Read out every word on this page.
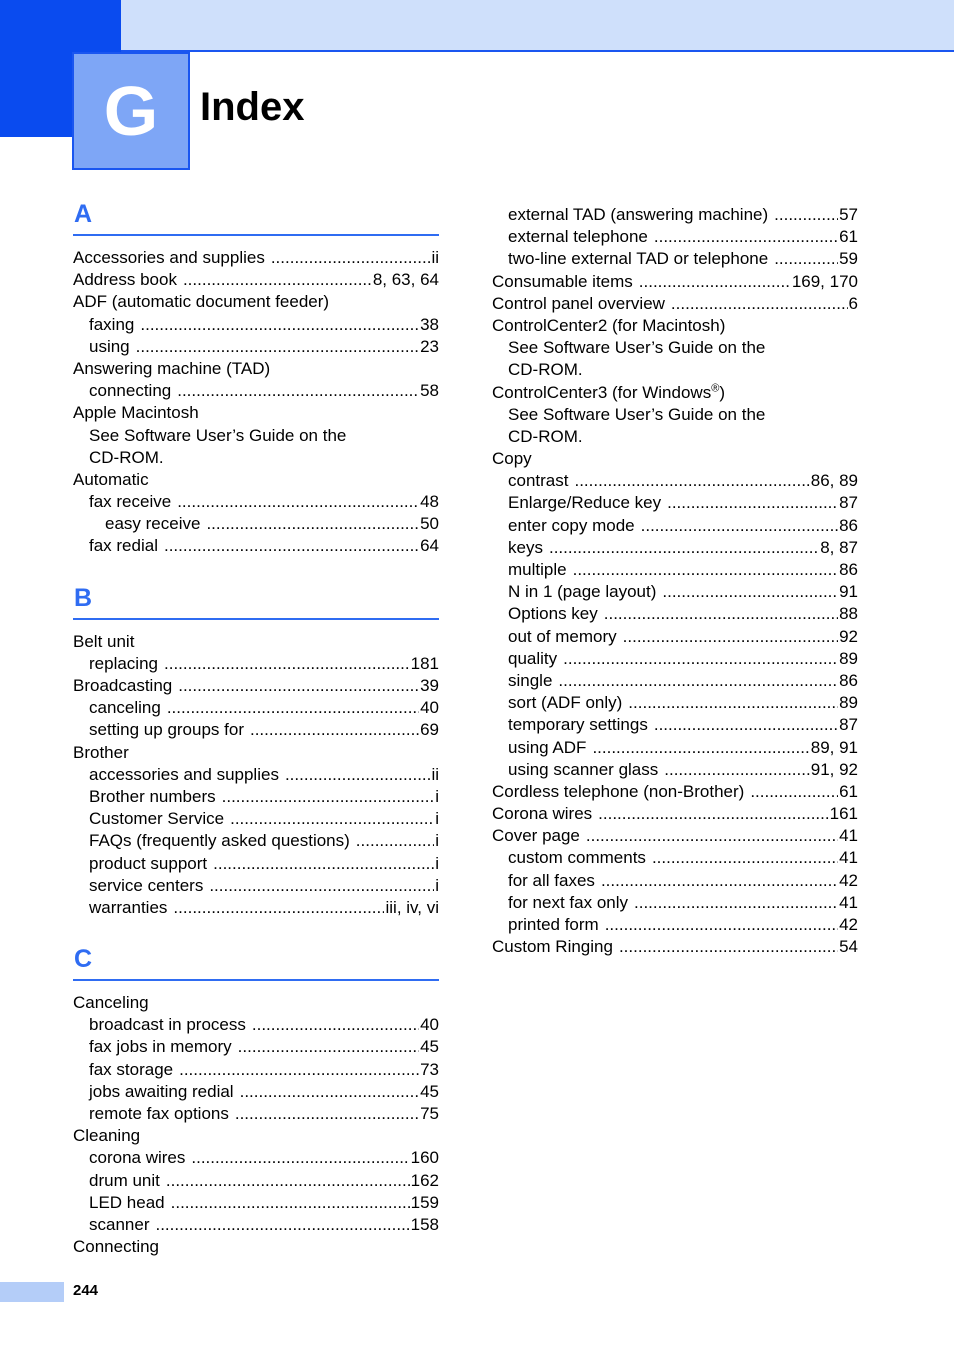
G	Index
A
Accessories and supplies .....	ii
Address book .....	8, 63, 64
ADF (automatic document feeder)
faxing .....	38
using .....	23
Answering machine (TAD)
connecting .....	58
Apple Macintosh
See Software User’s Guide on the
CD-ROM.
Automatic
fax receive .....	48
easy receive .....	50
fax redial .....	64
B
Belt unit
replacing .....	181
Broadcasting .....	39
canceling .....	40
setting up groups for .....	69
Brother
accessories and supplies .....	ii
Brother numbers .....	i
Customer Service .....	i
FAQs (frequently asked questions) .....	i
product support .....	i
service centers .....	i
warranties .....	iii, iv, vi
C
Canceling
broadcast in process .....	40
fax jobs in memory .....	45
fax storage .....	73
jobs awaiting redial .....	45
remote fax options .....	75
Cleaning
corona wires .....	160
drum unit .....	162
LED head .....	159
scanner .....	158
Connecting
external TAD (answering machine) .....	57
external telephone .....	61
two-line external TAD or telephone .....	59
Consumable items .....	169, 170
Control panel overview .....	6
ControlCenter2 (for Macintosh)
See Software User’s Guide on the
CD-ROM.
ControlCenter3 (for Windows®)
See Software User’s Guide on the
CD-ROM.
Copy
contrast .....	86, 89
Enlarge/Reduce key .....	87
enter copy mode .....	86
keys .....	8, 87
multiple .....	86
N in 1 (page layout) .....	91
Options key .....	88
out of memory .....	92
quality .....	89
single .....	86
sort (ADF only) .....	89
temporary settings .....	87
using ADF .....	89, 91
using scanner glass .....	91, 92
Cordless telephone (non-Brother) .....	61
Corona wires .....	161
Cover page .....	41
custom comments .....	41
for all faxes .....	42
for next fax only .....	41
printed form .....	42
Custom Ringing .....	54
244
